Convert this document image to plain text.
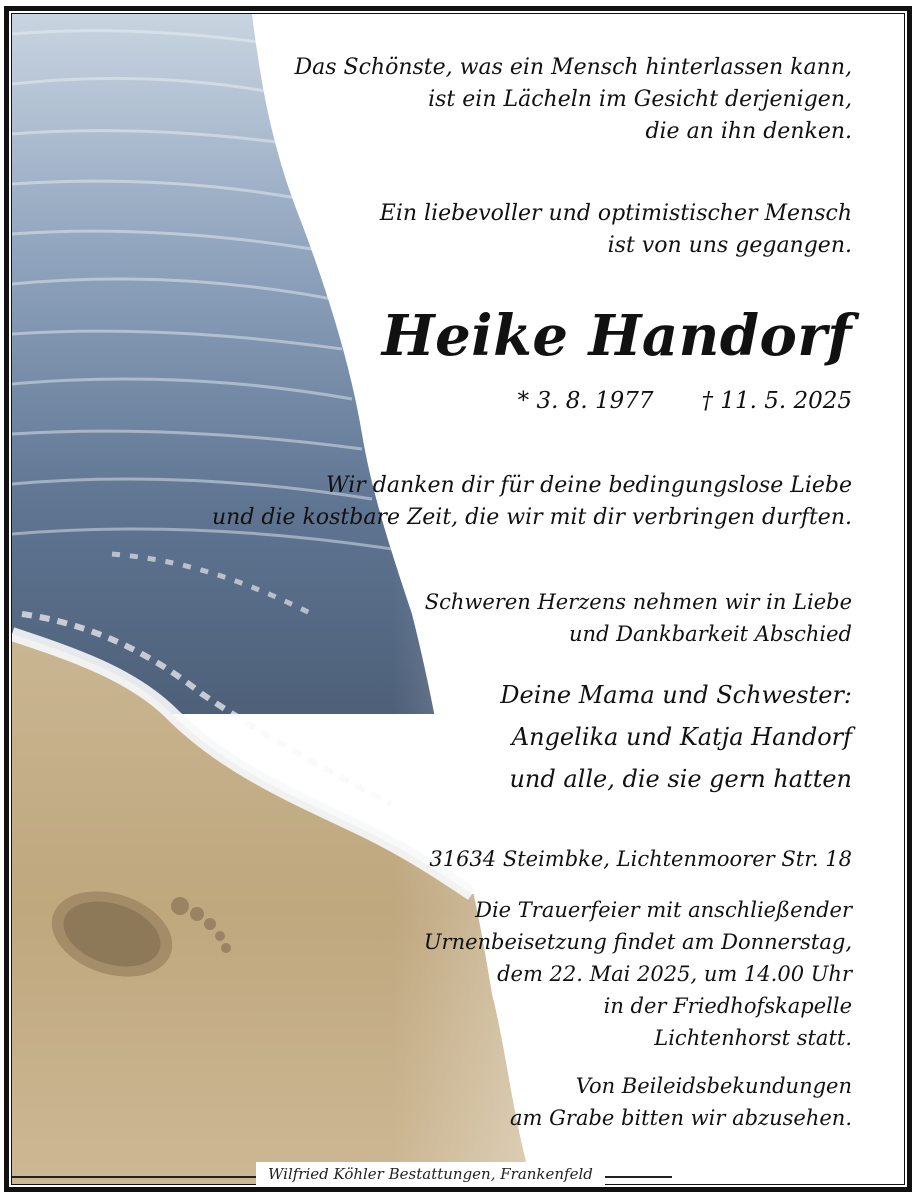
Das Schönste, was ein Mensch hinterlassen kann,
ist ein Lächeln im Gesicht derjenigen,
die an ihn denken.
Ein liebevoller und optimistischer Mensch
ist von uns gegangen.
Heike Handorf
* 3. 8. 1977 † 11. 5. 2025
Wir danken dir für deine bedingungslose Liebe
und die kostbare Zeit, die wir mit dir verbringen durften.
Schweren Herzens nehmen wir in Liebe
und Dankbarkeit Abschied
Deine Mama und Schwester:
Angelika und Katja Handorf
und alle, die sie gern hatten
31634 Steimbke, Lichtenmoorer Str. 18
Die Trauerfeier mit anschließender
Urnenbeisetzung findet am Donnerstag,
dem 22. Mai 2025, um 14.00 Uhr
in der Friedhofskapelle
Lichtenhorst statt.
Von Beileidsbekundungen
am Grabe bitten wir abzusehen.
Wilfried Köhler Bestattungen, Frankenfeld
